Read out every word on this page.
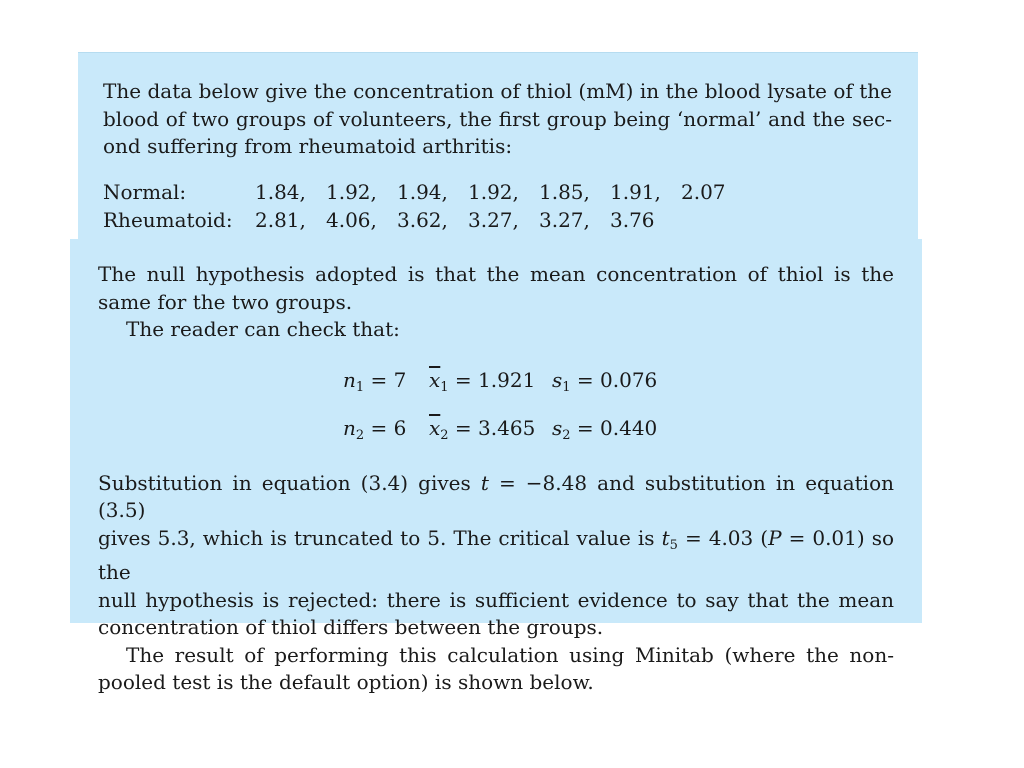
The data below give the concentration of thiol (mM) in the blood lysate of the
blood of two groups of volunteers, the first group being ‘normal’ and the sec-
ond suffering from rheumatoid arthritis:

Normal:	1.84,	1.92,	1.94,	1.92,	1.85,	1.91,	2.07
Rheumatoid:	2.81,	4.06,	3.62,	3.27,	3.27,	3.76

The null hypothesis adopted is that the mean concentration of thiol is the
same for the two groups.
The reader can check that:

$n_1 = 7$	$\overline{x}_1 = 1.921$ $s_1 = 0.076$
$n_2 = 6$	$\overline{x}_2 = 3.465$ $s_2 = 0.440$

Substitution in equation (3.4) gives t = −8.48 and substitution in equation (3.5)
gives 5.3, which is truncated to 5. The critical value is $t_5 = 4.03$ (P = 0.01) so the
null hypothesis is rejected: there is sufficient evidence to say that the mean
concentration of thiol differs between the groups.
The result of performing this calculation using Minitab (where the non-
pooled test is the default option) is shown below.
